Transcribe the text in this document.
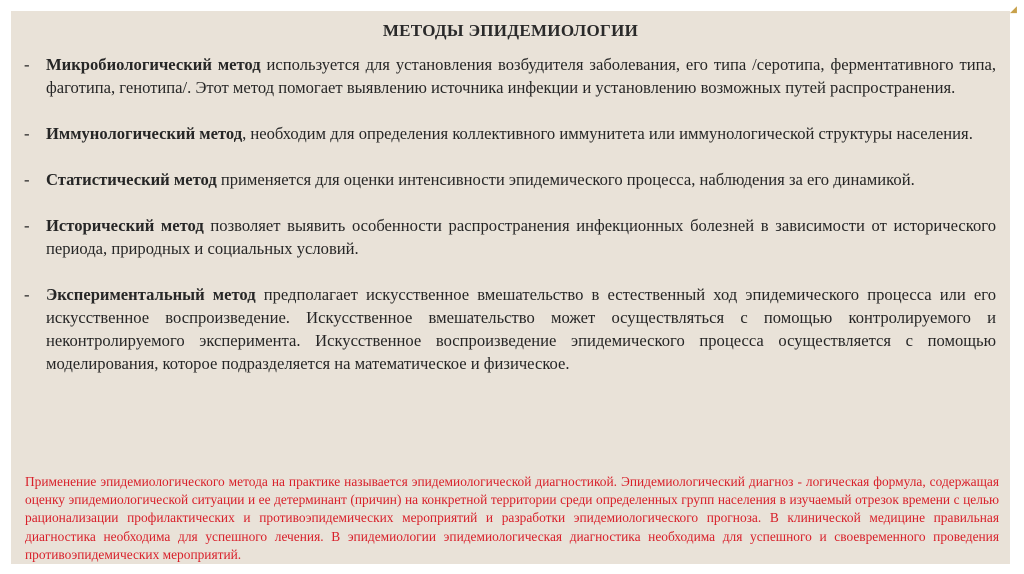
МЕТОДЫ ЭПИДЕМИОЛОГИИ
- Микробиологический метод используется для установления возбудителя заболевания, его типа /серотипа, ферментативного типа, фаготипа, генотипа/. Этот метод помогает выявлению источника инфекции и установлению возможных путей распространения.
- Иммунологический метод, необходим для определения коллективного иммунитета или иммунологической структуры населения.
- Статистический метод применяется для оценки интенсивности эпидемического процесса, наблюдения за его динамикой.
- Исторический метод позволяет выявить особенности распространения инфекционных болезней в зависимости от исторического периода, природных и социальных условий.
- Экспериментальный метод предполагает искусственное вмешательство в естественный ход эпидемического процесса или его искусственное воспроизведение. Искусственное вмешательство может осуществляться с помощью контролируемого и неконтролируемого эксперимента. Искусственное воспроизведение эпидемического процесса осуществляется с помощью моделирования, которое подразделяется на математическое и физическое.
Применение эпидемиологического метода на практике называется эпидемиологической диагностикой. Эпидемиологический диагноз - логическая формула, содержащая оценку эпидемиологической ситуации и ее детерминант (причин) на конкретной территории среди определенных групп населения в изучаемый отрезок времени с целью рационализации профилактических и противоэпидемических мероприятий и разработки эпидемиологического прогноза. В клинической медицине правильная диагностика необходима для успешного лечения. В эпидемиологии эпидемиологическая диагностика необходима для успешного и своевременного проведения противоэпидемических мероприятий.
◢
